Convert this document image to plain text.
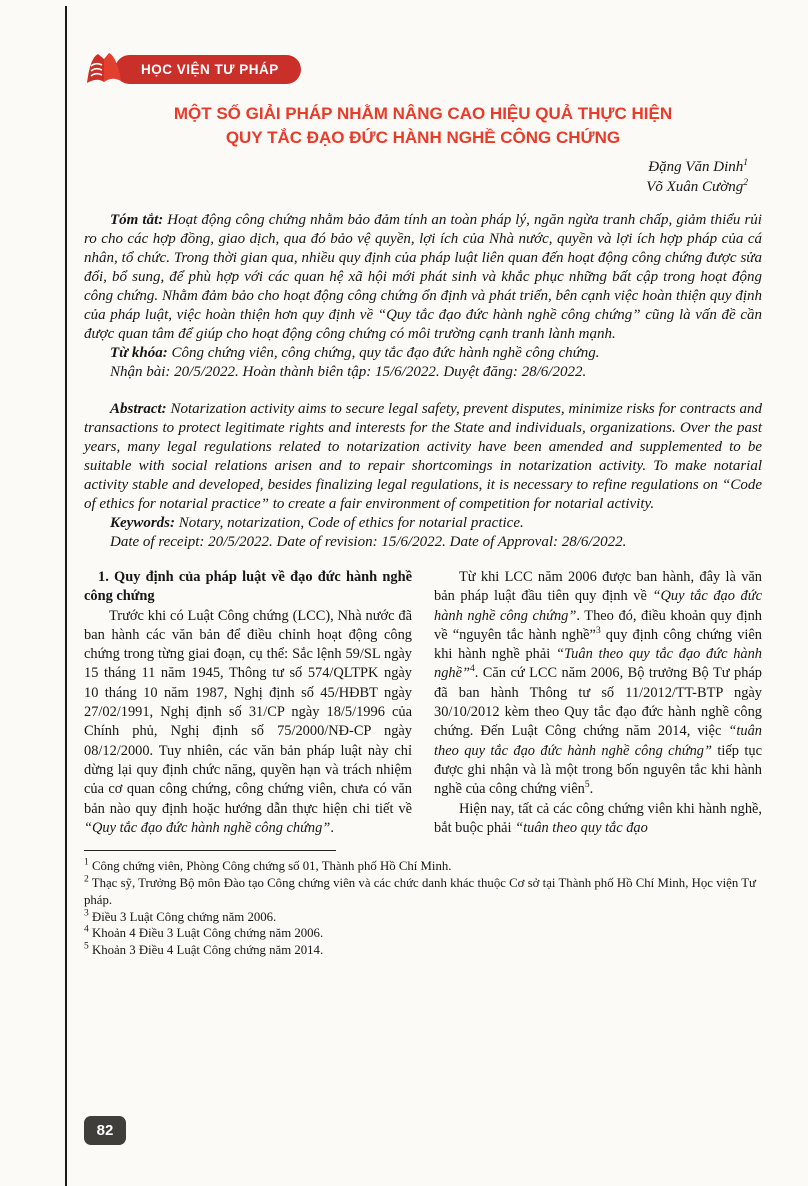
HỌC VIỆN TƯ PHÁP
MỘT SỐ GIẢI PHÁP NHẰM NÂNG CAO HIỆU QUẢ THỰC HIỆN
QUY TẮC ĐẠO ĐỨC HÀNH NGHỀ CÔNG CHỨNG
Đặng Văn Dinh$^1$
Võ Xuân Cường$^2$

Tóm tắt: Hoạt động công chứng nhằm bảo đảm tính an toàn pháp lý, ngăn ngừa tranh chấp, giảm thiểu rủi ro cho các hợp đồng, giao dịch, qua đó bảo vệ quyền, lợi ích của Nhà nước, quyền và lợi ích hợp pháp của cá nhân, tổ chức. Trong thời gian qua, nhiều quy định của pháp luật liên quan đến hoạt động công chứng được sửa đổi, bổ sung, để phù hợp với các quan hệ xã hội mới phát sinh và khắc phục những bất cập trong hoạt động công chứng. Nhằm đảm bảo cho hoạt động công chứng ổn định và phát triển, bên cạnh việc hoàn thiện quy định của pháp luật, việc hoàn thiện hơn quy định về “Quy tắc đạo đức hành nghề công chứng” cũng là vấn đề cần được quan tâm để giúp cho hoạt động công chứng có môi trường cạnh tranh lành mạnh.

Từ khóa: Công chứng viên, công chứng, quy tắc đạo đức hành nghề công chứng.

Nhận bài: 20/5/2022. Hoàn thành biên tập: 15/6/2022. Duyệt đăng: 28/6/2022.

Abstract: Notarization activity aims to secure legal safety, prevent disputes, minimize risks for contracts and transactions to protect legitimate rights and interests for the State and individuals, organizations. Over the past years, many legal regulations related to notarization activity have been amended and supplemented to be suitable with social relations arisen and to repair shortcomings in notarization activity. To make notarial activity stable and developed, besides finalizing legal regulations, it is necessary to refine regulations on “Code of ethics for notarial practice” to create a fair environment of competition for notarial activity.

Keywords: Notary, notarization, Code of ethics for notarial practice.

Date of receipt: 20/5/2022. Date of revision: 15/6/2022. Date of Approval: 28/6/2022.

1. Quy định của pháp luật về đạo đức hành nghề công chứng

Trước khi có Luật Công chứng (LCC), Nhà nước đã ban hành các văn bản để điều chỉnh hoạt động công chứng trong từng giai đoạn, cụ thể: Sắc lệnh 59/SL ngày 15 tháng 11 năm 1945, Thông tư số 574/QLTPK ngày 10 tháng 10 năm 1987, Nghị định số 45/HĐBT ngày 27/02/1991, Nghị định số 31/CP ngày 18/5/1996 của Chính phủ, Nghị định số 75/2000/NĐ-CP ngày 08/12/2000. Tuy nhiên, các văn bản pháp luật này chỉ dừng lại quy định chức năng, quyền hạn và trách nhiệm của cơ quan công chứng, công chứng viên, chưa có văn bản nào quy định hoặc hướng dẫn thực hiện chi tiết về “Quy tắc đạo đức hành nghề công chứng”.

Từ khi LCC năm 2006 được ban hành, đây là văn bản pháp luật đầu tiên quy định về “Quy tắc đạo đức hành nghề công chứng”. Theo đó, điều khoản quy định về “nguyên tắc hành nghề”$^3$ quy định công chứng viên khi hành nghề phải “Tuân theo quy tắc đạo đức hành nghề”$^4$. Căn cứ LCC năm 2006, Bộ trưởng Bộ Tư pháp đã ban hành Thông tư số 11/2012/TT-BTP ngày 30/10/2012 kèm theo Quy tắc đạo đức hành nghề công chứng. Đến Luật Công chứng năm 2014, việc “tuân theo quy tắc đạo đức hành nghề công chứng” tiếp tục được ghi nhận và là một trong bốn nguyên tắc khi hành nghề của công chứng viên$^5$.

Hiện nay, tất cả các công chứng viên khi hành nghề, bắt buộc phải “tuân theo quy tắc đạo

$^1$ Công chứng viên, Phòng Công chứng số 01, Thành phố Hồ Chí Minh.
$^2$ Thạc sỹ, Trưởng Bộ môn Đào tạo Công chứng viên và các chức danh khác thuộc Cơ sở tại Thành phố Hồ Chí Minh, Học viện Tư pháp.
$^3$ Điều 3 Luật Công chứng năm 2006.
$^4$ Khoản 4 Điều 3 Luật Công chứng năm 2006.
$^5$ Khoản 3 Điều 4 Luật Công chứng năm 2014.
82
